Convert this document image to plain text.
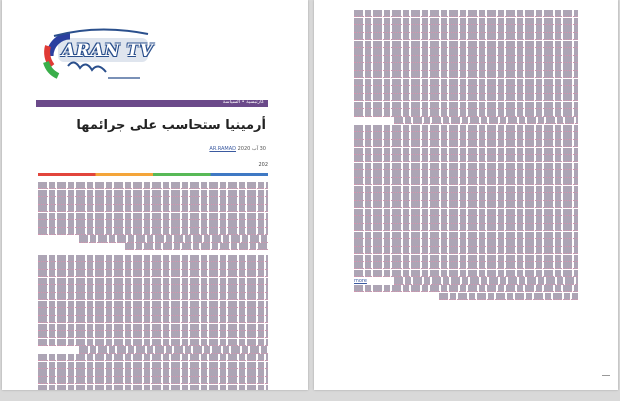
ARAN TV
كارتبسية • السياسة
أرمينيا ستحاسب على جرائمها
30 آب 2020 AR.RAMAD
202
more
